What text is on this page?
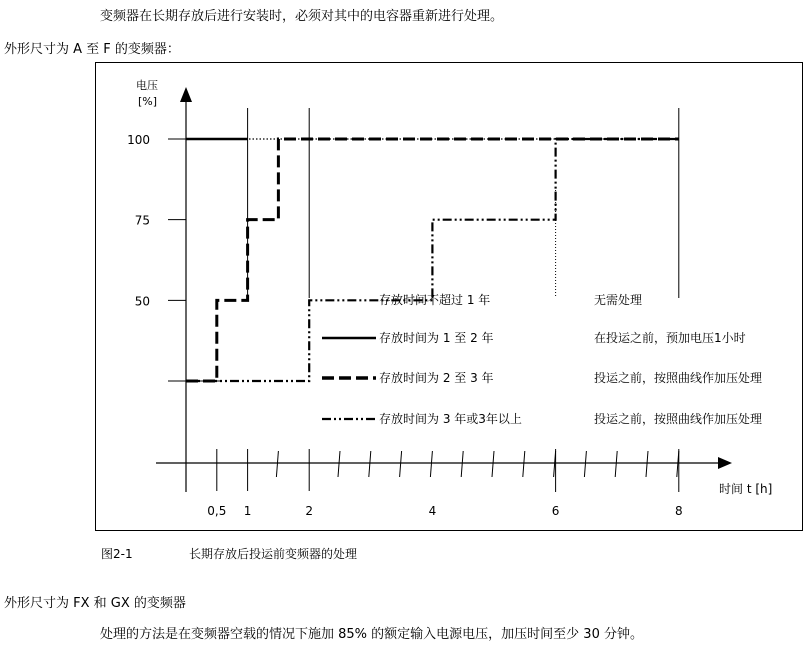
变频器在长期存放后进行安装时，必须对其中的电容器重新进行处理。
外形尺寸为 A 至 F 的变频器：
100
75
50
0,5 1	2	4	6	8
电压
[%]
时间 t [h]
存放时间不超过 1 年	无需处理
存放时间为 1 至 2 年	在投运之前，预加电压1小时
存放时间为 2 至 3 年	投运之前，按照曲线作加压处理
存放时间为 3 年或3年以上	投运之前，按照曲线作加压处理
图2-1	长期存放后投运前变频器的处理
外形尺寸为 FX 和 GX 的变频器
处理的方法是在变频器空载的情况下施加 85% 的额定输入电源电压，加压时间至少 30 分钟。
